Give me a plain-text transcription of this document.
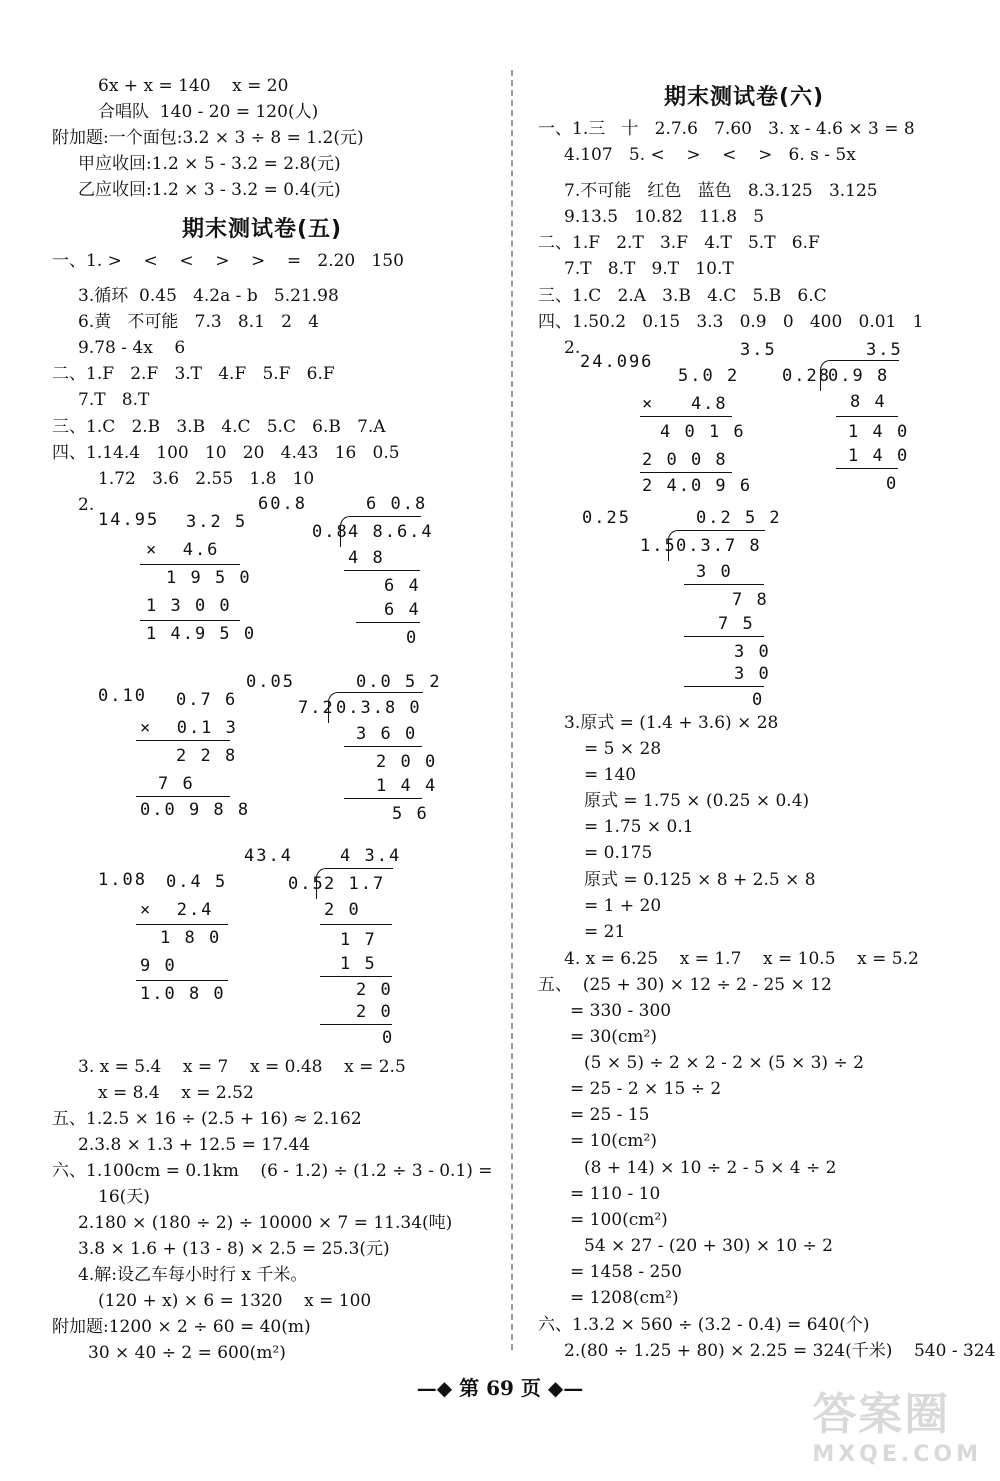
6x + x = 140    x = 20
合唱队  140 - 20 = 120(人)
附加题:一个面包:3.2 × 3 ÷ 8 = 1.2(元)
甲应收回:1.2 × 5 - 3.2 = 2.8(元)
乙应收回:1.2 × 3 - 3.2 = 0.4(元)
一、1. >    <    <    >    >    =   2.20   150
3.循环  0.45   4.2a - b   5.21.98
6.黄   不可能   7.3   8.1   2   4
9.78 - 4x    6
二、1.F   2.F   3.T   4.F   5.F   6.F
7.T   8.T
三、1.C   2.B   3.B   4.C   5.C   6.B   7.A
四、1.14.4   100   10   20   4.43   16   0.5
1.72   3.6   2.55   1.8   10
2.
3. x = 5.4    x = 7    x = 0.48    x = 2.5
x = 8.4    x = 2.52
五、1.2.5 × 16 ÷ (2.5 + 16) ≈ 2.162
2.3.8 × 1.3 + 12.5 = 17.44
六、1.100cm = 0.1km    (6 - 1.2) ÷ (1.2 ÷ 3 - 0.1) =
16(天)
2.180 × (180 ÷ 2) ÷ 10000 × 7 = 11.34(吨)
3.8 × 1.6 + (13 - 8) × 2.5 = 25.3(元)
4.解:设乙车每小时行 x 千米。
(120 + x) × 6 = 1320    x = 100
附加题:1200 × 2 ÷ 60 = 40(m)
30 × 40 ÷ 2 = 600(m²)
一、1.三   十   2.7.6   7.60   3. x - 4.6 × 3 = 8
4.107   5. <    >    <    >   6. s - 5x
7.不可能   红色   蓝色   8.3.125   3.125
9.13.5   10.82   11.8   5
二、1.F   2.T   3.F   4.T   5.T   6.F
7.T   8.T   9.T   10.T
三、1.C   2.A   3.B   4.C   5.B   6.C
四、1.50.2   0.15   3.3   0.9   0   400   0.01   1
2.
3.原式 = (1.4 + 3.6) × 28
= 5 × 28
= 140
原式 = 1.75 × (0.25 × 0.4)
= 1.75 × 0.1
= 0.175
原式 = 0.125 × 8 + 2.5 × 8
= 1 + 20
= 21
4. x = 6.25    x = 1.7    x = 10.5    x = 5.2
五、  (25 + 30) × 12 ÷ 2 - 25 × 12
= 330 - 300
= 30(cm²)
(5 × 5) ÷ 2 × 2 - 2 × (5 × 3) ÷ 2
= 25 - 2 × 15 ÷ 2
= 25 - 15
= 10(cm²)
(8 + 14) × 10 ÷ 2 - 5 × 4 ÷ 2
= 110 - 10
= 100(cm²)
54 × 27 - (20 + 30) × 10 ÷ 2
= 1458 - 250
= 1208(cm²)
六、1.3.2 × 560 ÷ (3.2 - 0.4) = 640(个)
2.(80 ÷ 1.25 + 80) × 2.25 = 324(千米)    540 - 324
期末测试卷(五)
期末测试卷(六)
14.95 3.2 5
×  4.6
1 9 5 0
1 3 0 0
1 4.9 5 0
60.8	6 0.8
0.8 4 8.6.4
4 8
6 4
6 4
0
0.10 0.7 6
×  0.1 3
2 2 8
7 6
0.0 9 8 8
0.05	0.0 5 2
7.2 0.3.8 0
3 6 0
2 0 0
1 4 4
5 6
1.08 0.4 5
×  2.4
1 8 0
9 0
1.0 8 0
43.4	4 3.4
0.5 2 1.7
2 0
1 7
1 5
2 0
2 0
0
24.096
5.0 2
×   4.8
4 0 1 6
2 0 0 8
2 4.0 9 6
3.5	3.5
0.28
0.9 8
8 4
1 4 0
1 4 0
0
0.25	0.2 5 2
1.5 0.3.7 8
3 0
7 8
7 5
3 0
3 0
0
—◆ 第 69 页 ◆—
答案圈
MXQE.COM
